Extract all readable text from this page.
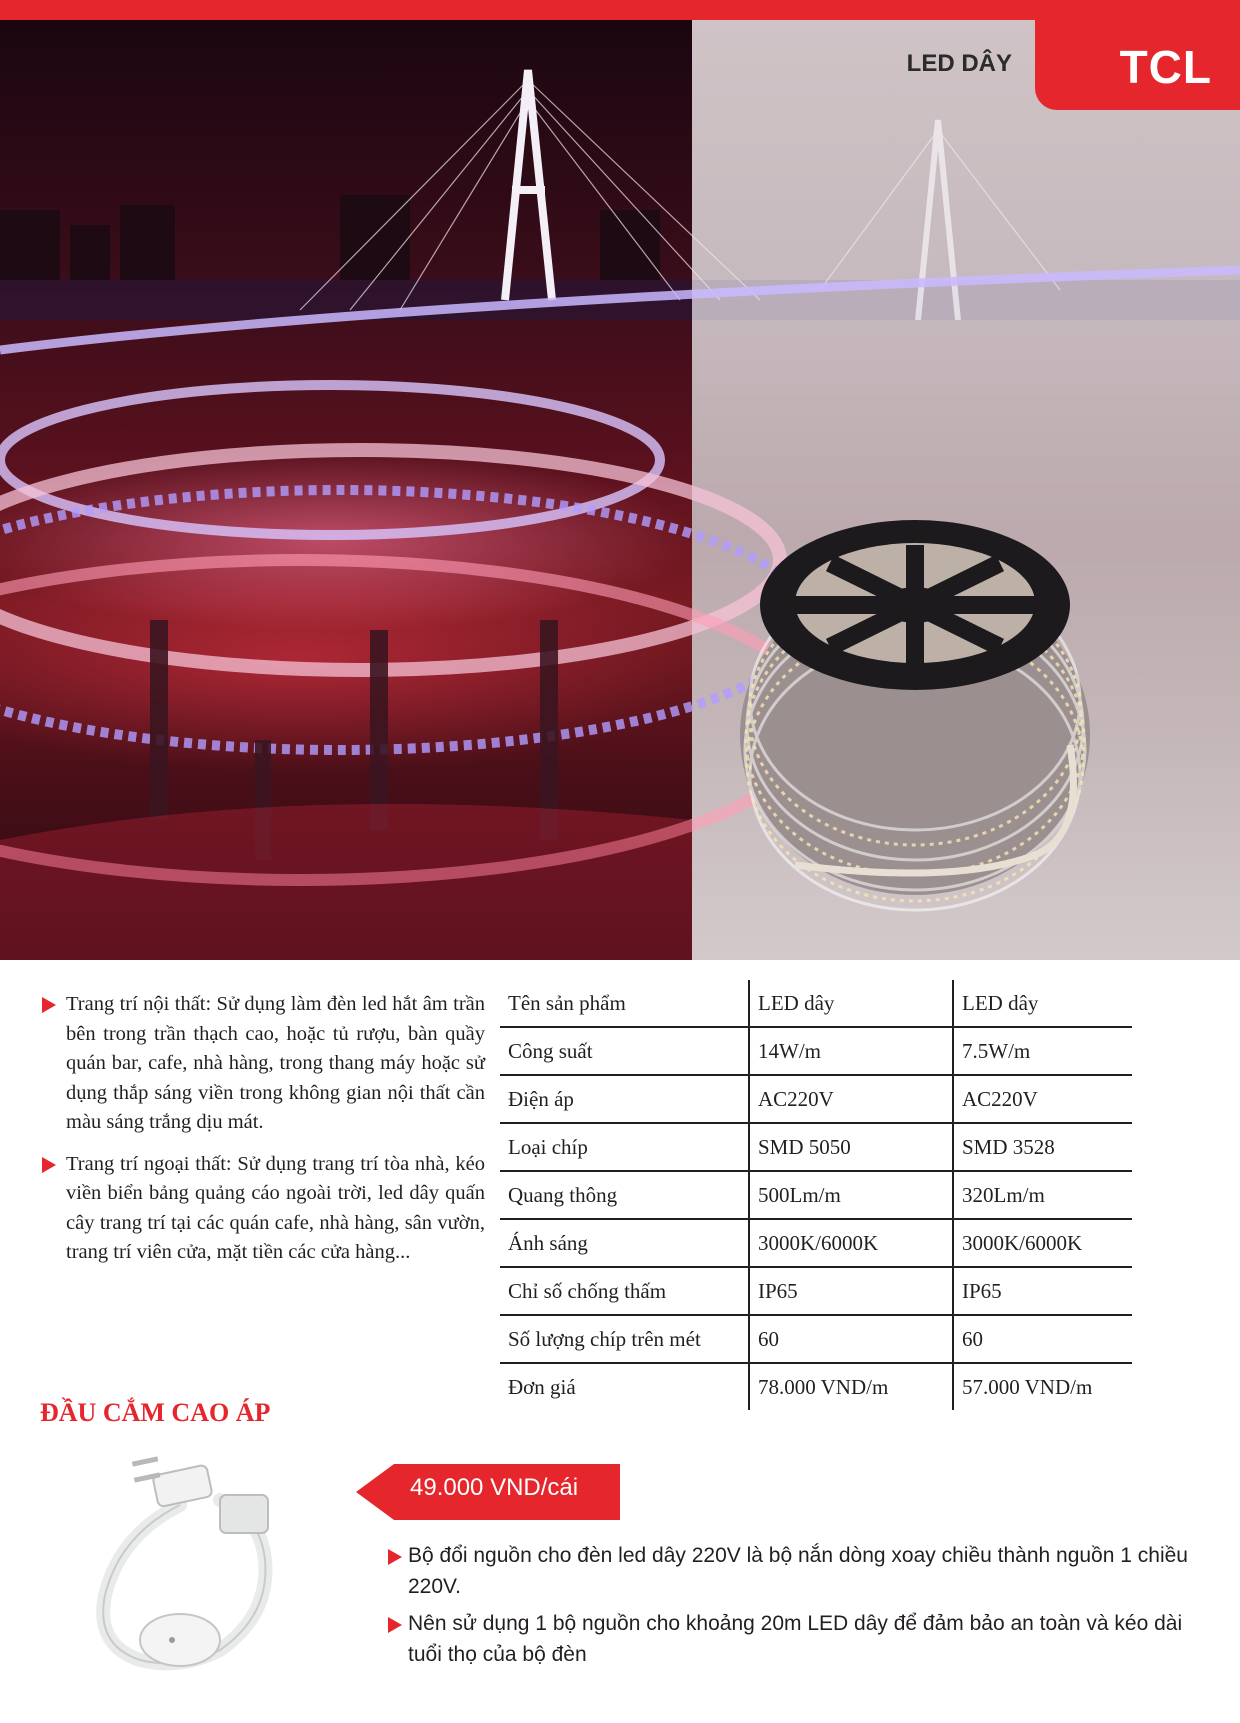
TCL
LED DÂY
Trang trí nội thất: Sử dụng làm đèn led hắt âm trần bên trong trần thạch cao, hoặc tủ rượu, bàn quầy quán bar, cafe, nhà hàng, trong thang máy hoặc sử dụng thắp sáng viền trong không gian nội thất cần màu sáng trắng dịu mát.
Trang trí ngoại thất: Sử dụng trang trí tòa nhà, kéo viền biển bảng quảng cáo ngoài trời, led dây quấn cây trang trí tại các quán cafe, nhà hàng, sân vườn, trang trí viên cửa, mặt tiền các cửa hàng...
Tên sản phẩm	LED dây	LED dây
Công suất	14W/m	7.5W/m
Điện áp	AC220V	AC220V
Loại chíp	SMD 5050	SMD 3528
Quang thông	500Lm/m	320Lm/m
Ánh sáng	3000K/6000K	3000K/6000K
Chỉ số chống thấm	IP65	IP65
Số lượng chíp trên mét	60	60
Đơn giá	78.000 VND/m	57.000 VND/m
ĐẦU CẮM CAO ÁP
49.000 VND/cái
Bộ đổi nguồn cho đèn led dây 220V là bộ nắn dòng xoay chiều thành nguồn 1 chiều 220V.
Nên sử dụng 1 bộ nguồn cho khoảng 20m LED dây để đảm bảo an toàn và kéo dài tuổi thọ của bộ đèn
